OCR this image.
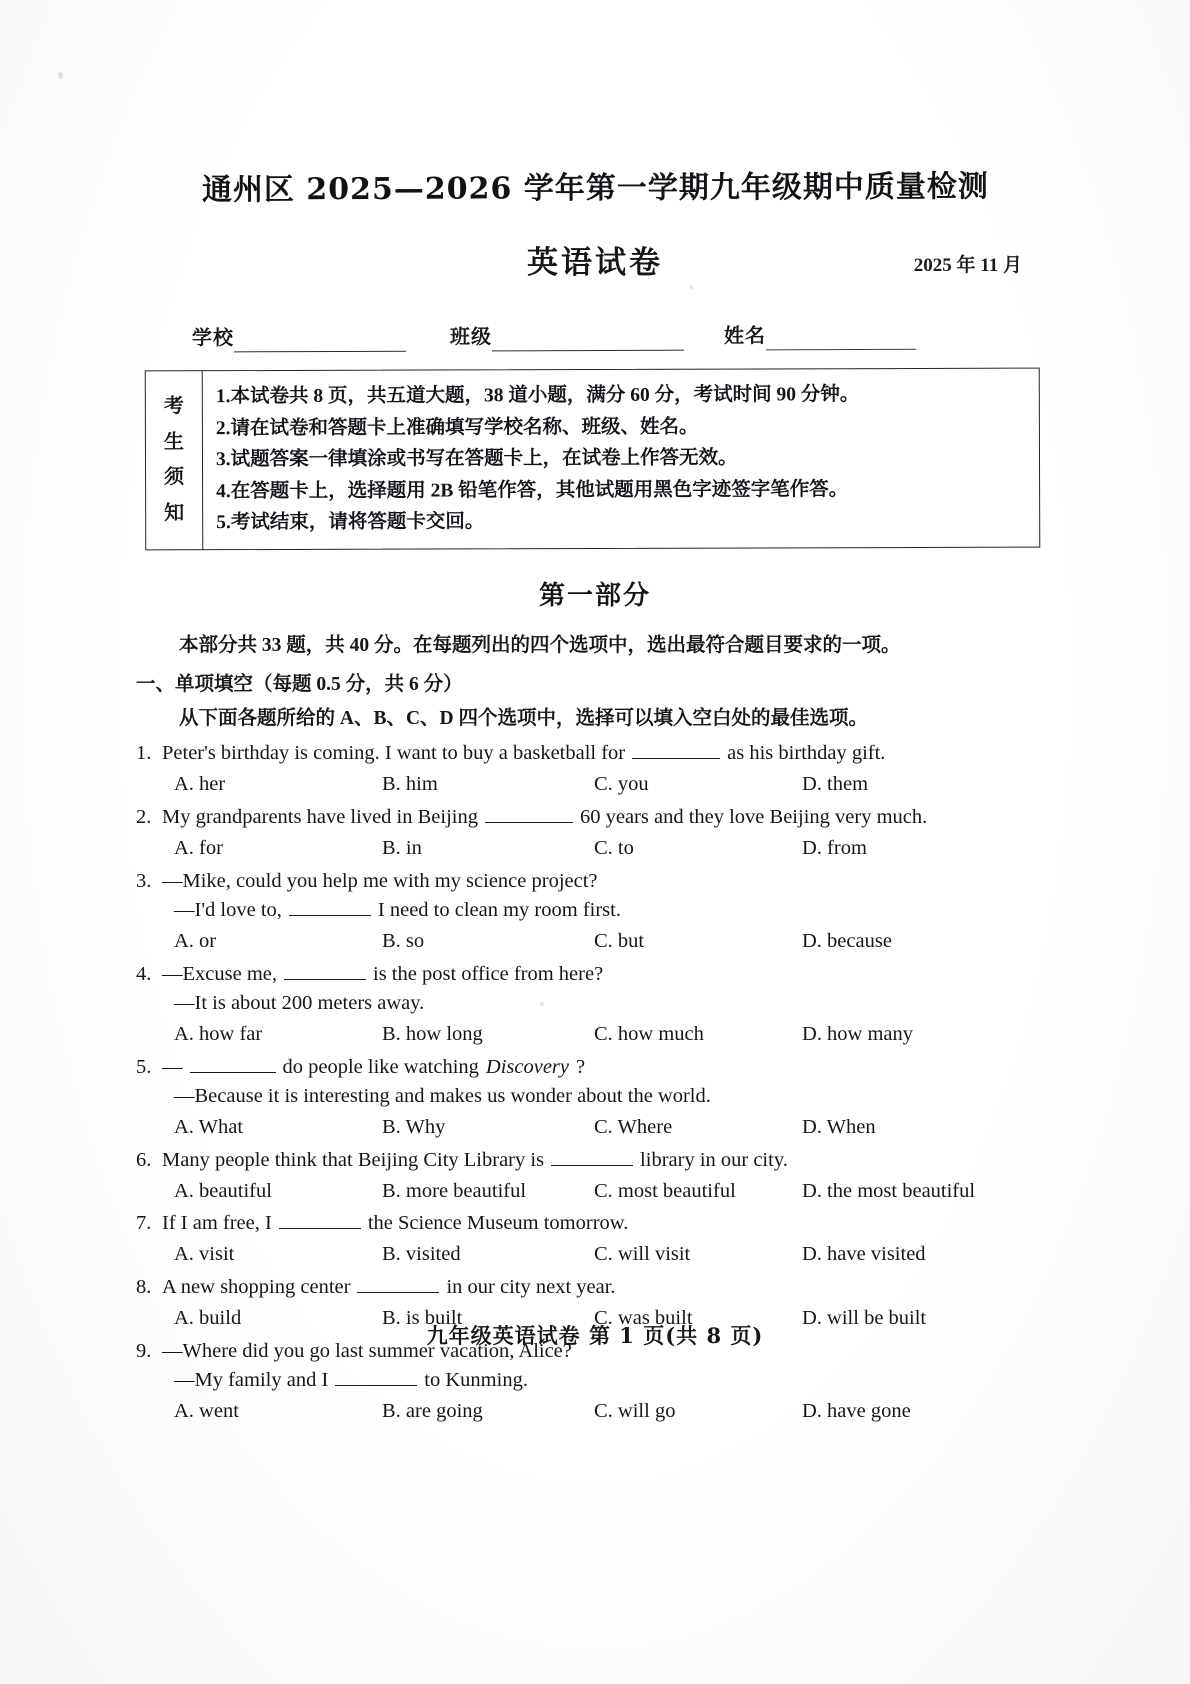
通州区 2025—2026 学年第一学期九年级期中质量检测
英语试卷	2025 年 11 月
学校	班级	姓名
考
生
须
知
1.本试卷共 8 页，共五道大题，38 道小题，满分 60 分，考试时间 90 分钟。
2.请在试卷和答题卡上准确填写学校名称、班级、姓名。
3.试题答案一律填涂或书写在答题卡上，在试卷上作答无效。
4.在答题卡上，选择题用 2B 铅笔作答，其他试题用黑色字迹签字笔作答。
5.考试结束，请将答题卡交回。
第一部分
本部分共 33 题，共 40 分。在每题列出的四个选项中，选出最符合题目要求的一项。
一、单项填空（每题 0.5 分，共 6 分）
从下面各题所给的 A、B、C、D 四个选项中，选择可以填入空白处的最佳选项。
1. Peter's birthday is coming. I want to buy a basketball for	as his birthday gift.
A. her	B. him	C. you	D. them
2. My grandparents have lived in Beijing	60 years and they love Beijing very much.
A. for	B. in	C. to	D. from
3. —Mike, could you help me with my science project?
—I'd love to,	I need to clean my room first.
A. or	B. so	C. but	D. because
4. —Excuse me,	is the post office from here?
—It is about 200 meters away.
A. how far	B. how long	C. how much	D. how many
5. —	do people like watching Discovery ?
—Because it is interesting and makes us wonder about the world.
A. What	B. Why	C. Where	D. When
6. Many people think that Beijing City Library is	library in our city.
A. beautiful	B. more beautiful	C. most beautiful	D. the most beautiful
7. If I am free, I	the Science Museum tomorrow.
A. visit	B. visited	C. will visit	D. have visited
8. A new shopping center	in our city next year.
A. build	B. is built	C. was built	D. will be built
9. —Where did you go last summer vacation, Alice?
—My family and I	to Kunming.
A. went	B. are going	C. will go	D. have gone
九年级英语试卷 第 1 页(共 8 页)
